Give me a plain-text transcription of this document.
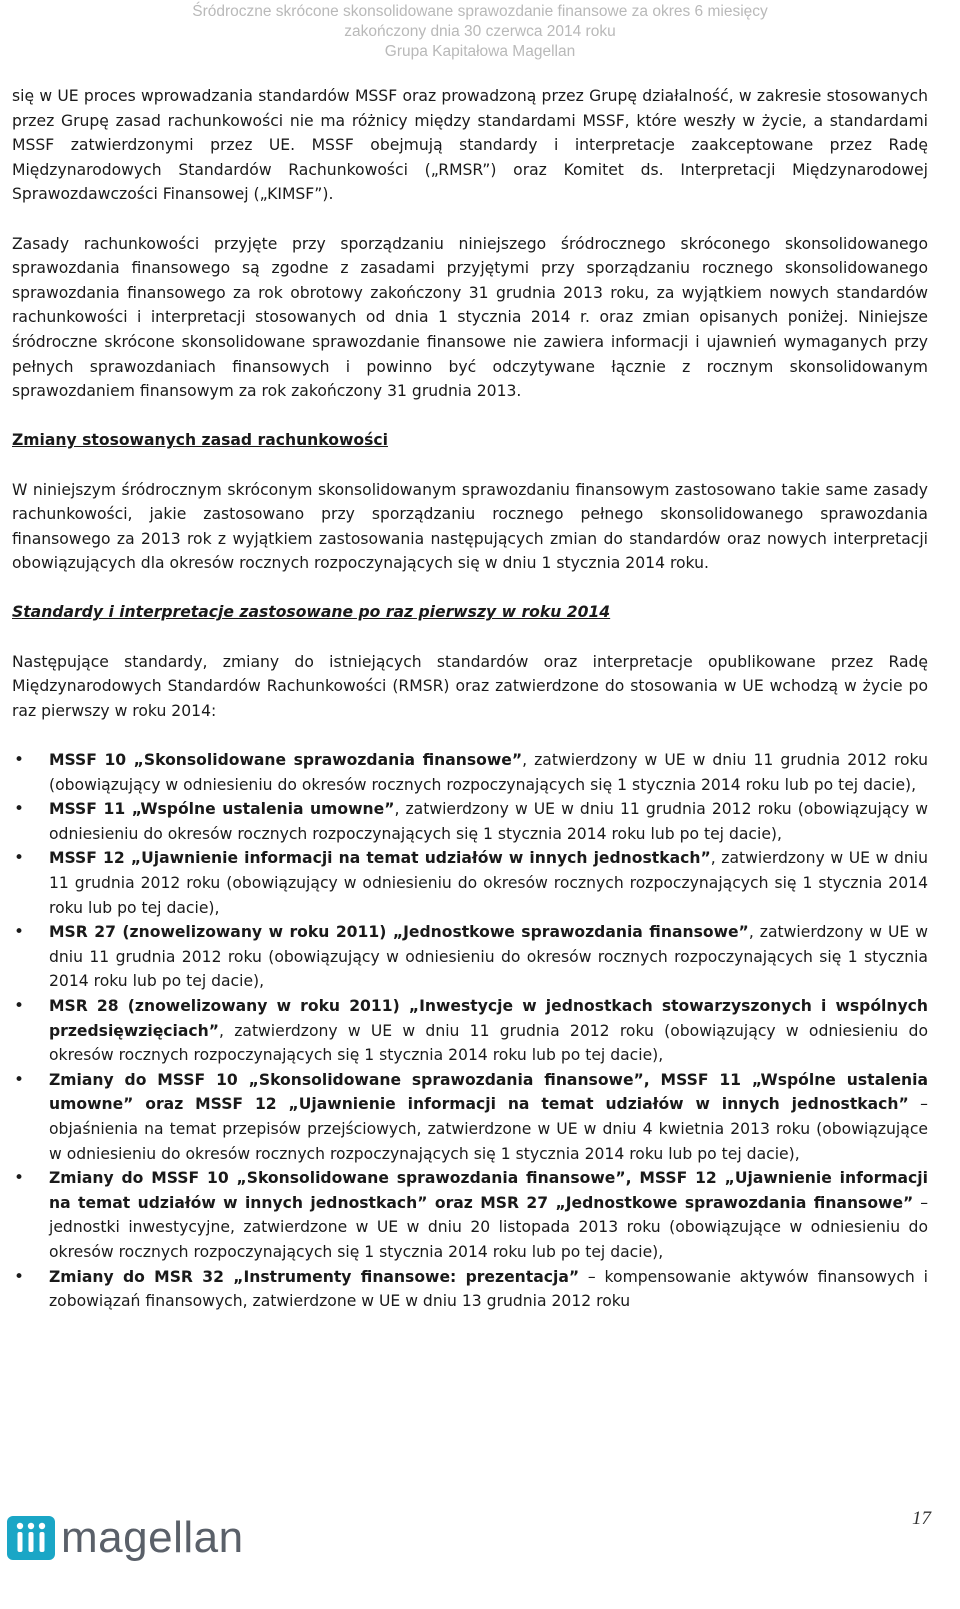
Śródroczne skrócone skonsolidowane sprawozdanie finansowe za okres 6 miesięcy
zakończony dnia 30 czerwca 2014 roku
Grupa Kapitałowa Magellan

się w UE proces wprowadzania standardów MSSF oraz prowadzoną przez Grupę działalność, w zakresie stosowanych przez Grupę zasad rachunkowości nie ma różnicy między standardami MSSF, które weszły w życie, a standardami MSSF zatwierdzonymi przez UE. MSSF obejmują standardy i interpretacje zaakceptowane przez Radę Międzynarodowych Standardów Rachunkowości („RMSR”) oraz Komitet ds. Interpretacji Międzynarodowej Sprawozdawczości Finansowej („KIMSF”).

Zasady rachunkowości przyjęte przy sporządzaniu niniejszego śródrocznego skróconego skonsolidowanego sprawozdania finansowego są zgodne z zasadami przyjętymi przy sporządzaniu rocznego skonsolidowanego sprawozdania finansowego za rok obrotowy zakończony 31 grudnia 2013 roku, za wyjątkiem nowych standardów rachunkowości i interpretacji stosowanych od dnia 1 stycznia 2014 r. oraz zmian opisanych poniżej. Niniejsze śródroczne skrócone skonsolidowane sprawozdanie finansowe nie zawiera informacji i ujawnień wymaganych przy pełnych sprawozdaniach finansowych i powinno być odczytywane łącznie z rocznym skonsolidowanym sprawozdaniem finansowym za rok zakończony 31 grudnia 2013.

Zmiany stosowanych zasad rachunkowości

W niniejszym śródrocznym skróconym skonsolidowanym sprawozdaniu finansowym zastosowano takie same zasady rachunkowości, jakie zastosowano przy sporządzaniu rocznego pełnego skonsolidowanego sprawozdania finansowego za 2013 rok z wyjątkiem zastosowania następujących zmian do standardów oraz nowych interpretacji obowiązujących dla okresów rocznych rozpoczynających się w dniu 1 stycznia 2014 roku.

Standardy i interpretacje zastosowane po raz pierwszy w roku 2014

Następujące standardy, zmiany do istniejących standardów oraz interpretacje opublikowane przez Radę Międzynarodowych Standardów Rachunkowości (RMSR) oraz zatwierdzone do stosowania w UE wchodzą w życie po raz pierwszy w roku 2014:

• MSSF 10 „Skonsolidowane sprawozdania finansowe”, zatwierdzony w UE w dniu 11 grudnia 2012 roku (obowiązujący w odniesieniu do okresów rocznych rozpoczynających się 1 stycznia 2014 roku lub po tej dacie),
• MSSF 11 „Wspólne ustalenia umowne”, zatwierdzony w UE w dniu 11 grudnia 2012 roku (obowiązujący w odniesieniu do okresów rocznych rozpoczynających się 1 stycznia 2014 roku lub po tej dacie),
• MSSF 12 „Ujawnienie informacji na temat udziałów w innych jednostkach”, zatwierdzony w UE w dniu 11 grudnia 2012 roku (obowiązujący w odniesieniu do okresów rocznych rozpoczynających się 1 stycznia 2014 roku lub po tej dacie),
• MSR 27 (znowelizowany w roku 2011) „Jednostkowe sprawozdania finansowe”, zatwierdzony w UE w dniu 11 grudnia 2012 roku (obowiązujący w odniesieniu do okresów rocznych rozpoczynających się 1 stycznia 2014 roku lub po tej dacie),
• MSR 28 (znowelizowany w roku 2011) „Inwestycje w jednostkach stowarzyszonych i wspólnych przedsięwzięciach”, zatwierdzony w UE w dniu 11 grudnia 2012 roku (obowiązujący w odniesieniu do okresów rocznych rozpoczynających się 1 stycznia 2014 roku lub po tej dacie),
• Zmiany do MSSF 10 „Skonsolidowane sprawozdania finansowe”, MSSF 11 „Wspólne ustalenia umowne” oraz MSSF 12 „Ujawnienie informacji na temat udziałów w innych jednostkach” – objaśnienia na temat przepisów przejściowych, zatwierdzone w UE w dniu 4 kwietnia 2013 roku (obowiązujące w odniesieniu do okresów rocznych rozpoczynających się 1 stycznia 2014 roku lub po tej dacie),
• Zmiany do MSSF 10 „Skonsolidowane sprawozdania finansowe”, MSSF 12 „Ujawnienie informacji na temat udziałów w innych jednostkach” oraz MSR 27 „Jednostkowe sprawozdania finansowe” – jednostki inwestycyjne, zatwierdzone w UE w dniu 20 listopada 2013 roku (obowiązujące w odniesieniu do okresów rocznych rozpoczynających się 1 stycznia 2014 roku lub po tej dacie),
• Zmiany do MSR 32 „Instrumenty finansowe: prezentacja” – kompensowanie aktywów finansowych i zobowiązań finansowych, zatwierdzone w UE w dniu 13 grudnia 2012 roku
magellan	17
